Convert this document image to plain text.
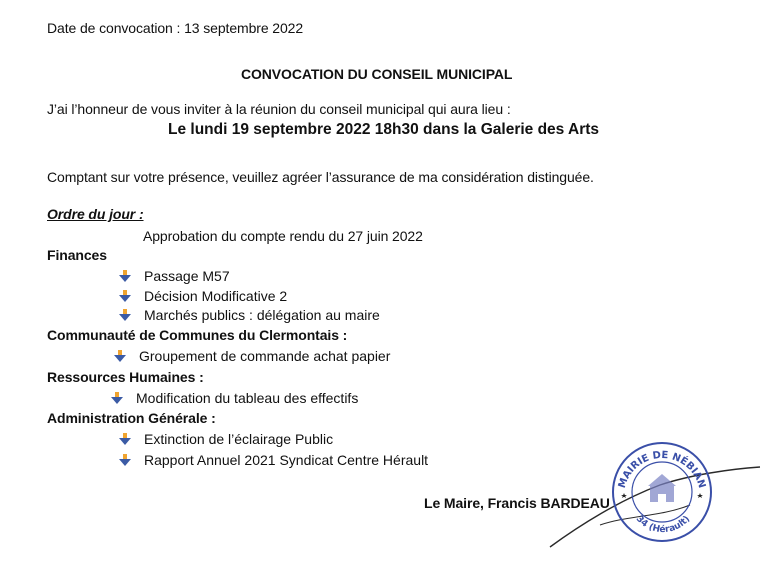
Date de convocation : 13 septembre 2022
CONVOCATION DU CONSEIL MUNICIPAL
J’ai l’honneur de vous inviter à la réunion du conseil municipal qui aura lieu :
Le lundi 19 septembre 2022 18h30 dans la Galerie des Arts
Comptant sur votre présence, veuillez agréer l’assurance de ma considération distinguée.
Ordre du jour :
Approbation du compte rendu du 27 juin 2022
Finances
Passage M57
Décision Modificative 2
Marchés publics : délégation au maire
Communauté de Communes du Clermontais :
Groupement de commande achat papier
Ressources Humaines :
Modification du tableau des effectifs
Administration Générale :
Extinction de l’éclairage Public
Rapport Annuel 2021 Syndicat Centre Hérault
Le Maire, Francis BARDEAU
MAIRIE DE NÉBIAN
34 (Hérault)
